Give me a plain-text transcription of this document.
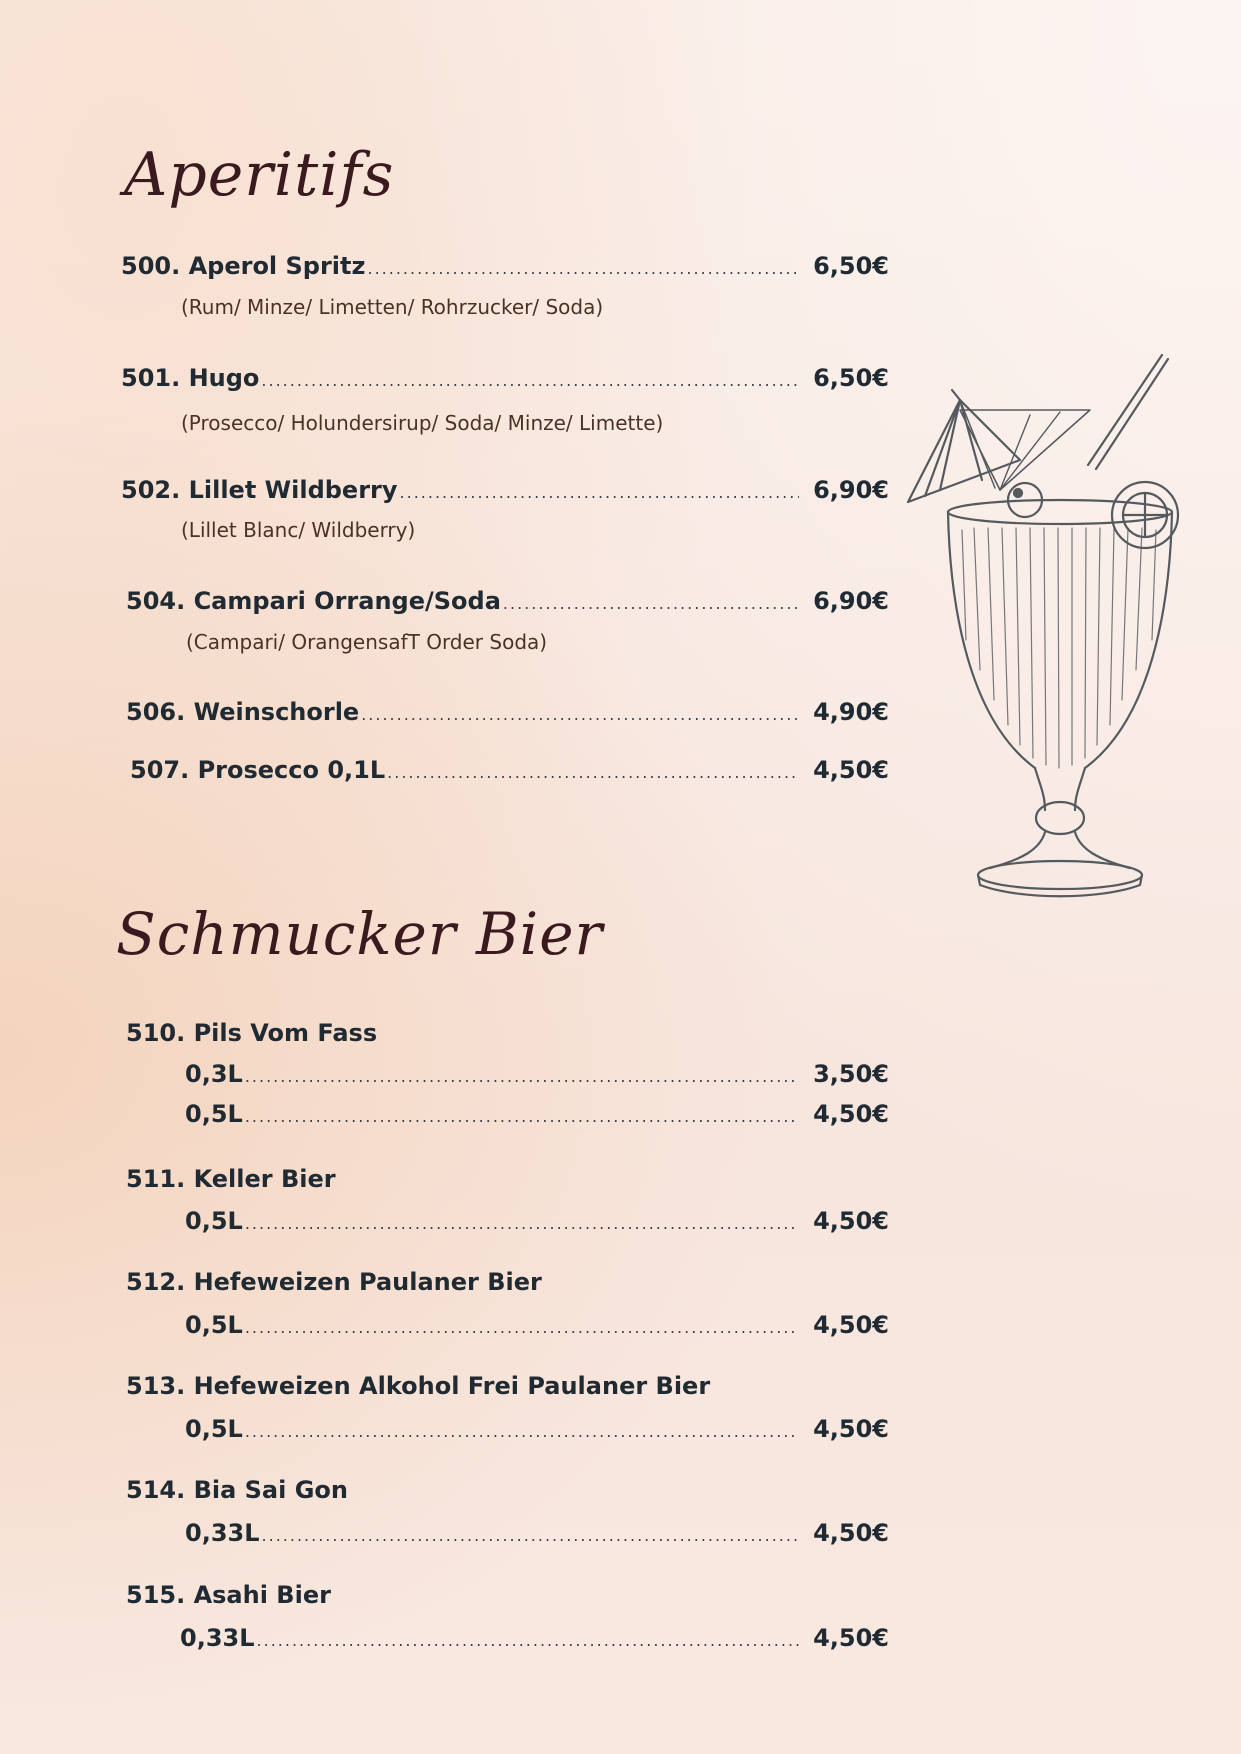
Aperitifs
500. Aperol Spritz .....	6,50€
(Rum/ Minze/ Limetten/ Rohrzucker/ Soda)
501. Hugo .....	6,50€
(Prosecco/ Holundersirup/ Soda/ Minze/ Limette)
502. Lillet Wildberry .....	6,90€
(Lillet Blanc/ Wildberry)
504. Campari Orrange/Soda .....	6,90€
(Campari/ OrangensafT Order Soda)
506. Weinschorle .....	4,90€
507. Prosecco 0,1L .....	4,50€
Schmucker Bier
510. Pils Vom Fass
0,3L .....	3,50€
0,5L .....	4,50€
511. Keller Bier
0,5L .....	4,50€
512. Hefeweizen Paulaner Bier
0,5L .....	4,50€
513. Hefeweizen Alkohol Frei Paulaner Bier
0,5L .....	4,50€
514. Bia Sai Gon
0,33L .....	4,50€
515. Asahi Bier
0,33L .....	4,50€
